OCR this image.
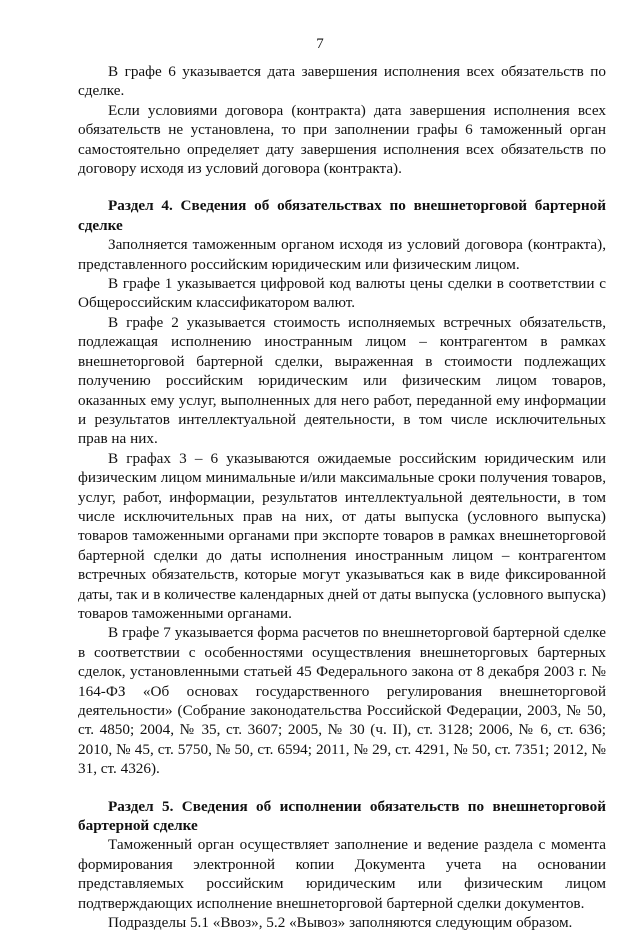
7

В графе 6 указывается дата завершения исполнения всех обязательств по сделке.

Если условиями договора (контракта) дата завершения исполнения всех обязательств не установлена, то при заполнении графы 6 таможенный орган самостоятельно определяет дату завершения исполнения всех обязательств по договору исходя из условий договора (контракта).

Раздел 4. Сведения об обязательствах по внешнеторговой бартерной сделке

Заполняется таможенным органом исходя из условий договора (контракта), представленного российским юридическим или физическим лицом.

В графе 1 указывается цифровой код валюты цены сделки в соответствии с Общероссийским классификатором валют.

В графе 2 указывается стоимость исполняемых встречных обязательств, подлежащая исполнению иностранным лицом – контрагентом в рамках внешнеторговой бартерной сделки, выраженная в стоимости подлежащих получению российским юридическим или физическим лицом товаров, оказанных ему услуг, выполненных для него работ, переданной ему информации и результатов интеллектуальной деятельности, в том числе исключительных прав на них.

В графах 3 – 6 указываются ожидаемые российским юридическим или физическим лицом минимальные и/или максимальные сроки получения товаров, услуг, работ, информации, результатов интеллектуальной деятельности, в том числе исключительных прав на них, от даты выпуска (условного выпуска) товаров таможенными органами при экспорте товаров в рамках внешнеторговой бартерной сделки до даты исполнения иностранным лицом – контрагентом встречных обязательств, которые могут указываться как в виде фиксированной даты, так и в количестве календарных дней от даты выпуска (условного выпуска) товаров таможенными органами.

В графе 7 указывается форма расчетов по внешнеторговой бартерной сделке в соответствии с особенностями осуществления внешнеторговых бартерных сделок, установленными статьей 45 Федерального закона от 8 декабря 2003 г. № 164-ФЗ «Об основах государственного регулирования внешнеторговой деятельности» (Собрание законодательства Российской Федерации, 2003, № 50, ст. 4850; 2004, № 35, ст. 3607; 2005, № 30 (ч. II), ст. 3128; 2006, № 6, ст. 636; 2010, № 45, ст. 5750, № 50, ст. 6594; 2011, № 29, ст. 4291, № 50, ст. 7351; 2012, № 31, ст. 4326).

Раздел 5. Сведения об исполнении обязательств по внешнеторговой бартерной сделке

Таможенный орган осуществляет заполнение и ведение раздела с момента формирования электронной копии Документа учета на основании представляемых российским юридическим или физическим лицом подтверждающих исполнение внешнеторговой бартерной сделки документов.

Подразделы 5.1 «Ввоз», 5.2 «Вывоз» заполняются следующим образом.
